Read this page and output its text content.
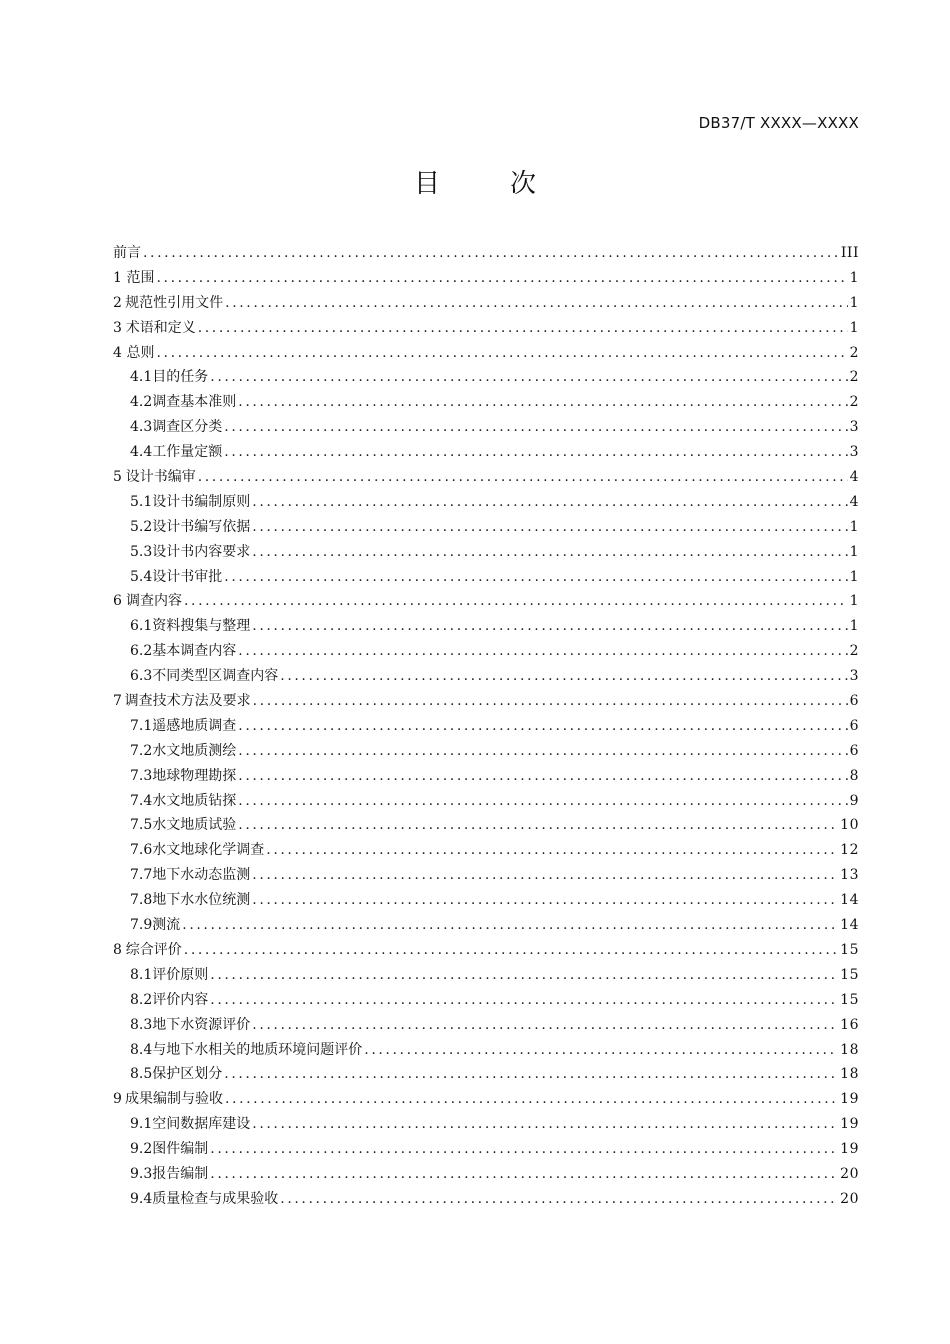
DB37/T XXXX—XXXX
目　次
前言 .....	III
1 范围 .....	1
2 规范性引用文件 .....	1
3 术语和定义 .....	1
4 总则 .....	2
4.1 目的任务 .....	2
4.2 调查基本准则 .....	2
4.3 调查区分类 .....	3
4.4 工作量定额 .....	3
5 设计书编审 .....	4
5.1 设计书编制原则 .....	4
5.2 设计书编写依据 .....	1
5.3 设计书内容要求 .....	1
5.4 设计书审批 .....	1
6 调查内容 .....	1
6.1 资料搜集与整理 .....	1
6.2 基本调查内容 .....	2
6.3 不同类型区调查内容 .....	3
7 调查技术方法及要求 .....	6
7.1 遥感地质调查 .....	6
7.2 水文地质测绘 .....	6
7.3 地球物理勘探 .....	8
7.4 水文地质钻探 .....	9
7.5 水文地质试验 .....	10
7.6 水文地球化学调查 .....	12
7.7 地下水动态监测 .....	13
7.8 地下水水位统测 .....	14
7.9 测流 .....	14
8 综合评价 .....	15
8.1 评价原则 .....	15
8.2 评价内容 .....	15
8.3 地下水资源评价 .....	16
8.4 与地下水相关的地质环境问题评价 .....	18
8.5 保护区划分 .....	18
9 成果编制与验收 .....	19
9.1 空间数据库建设 .....	19
9.2 图件编制 .....	19
9.3 报告编制 .....	20
9.4 质量检查与成果验收 .....	20
